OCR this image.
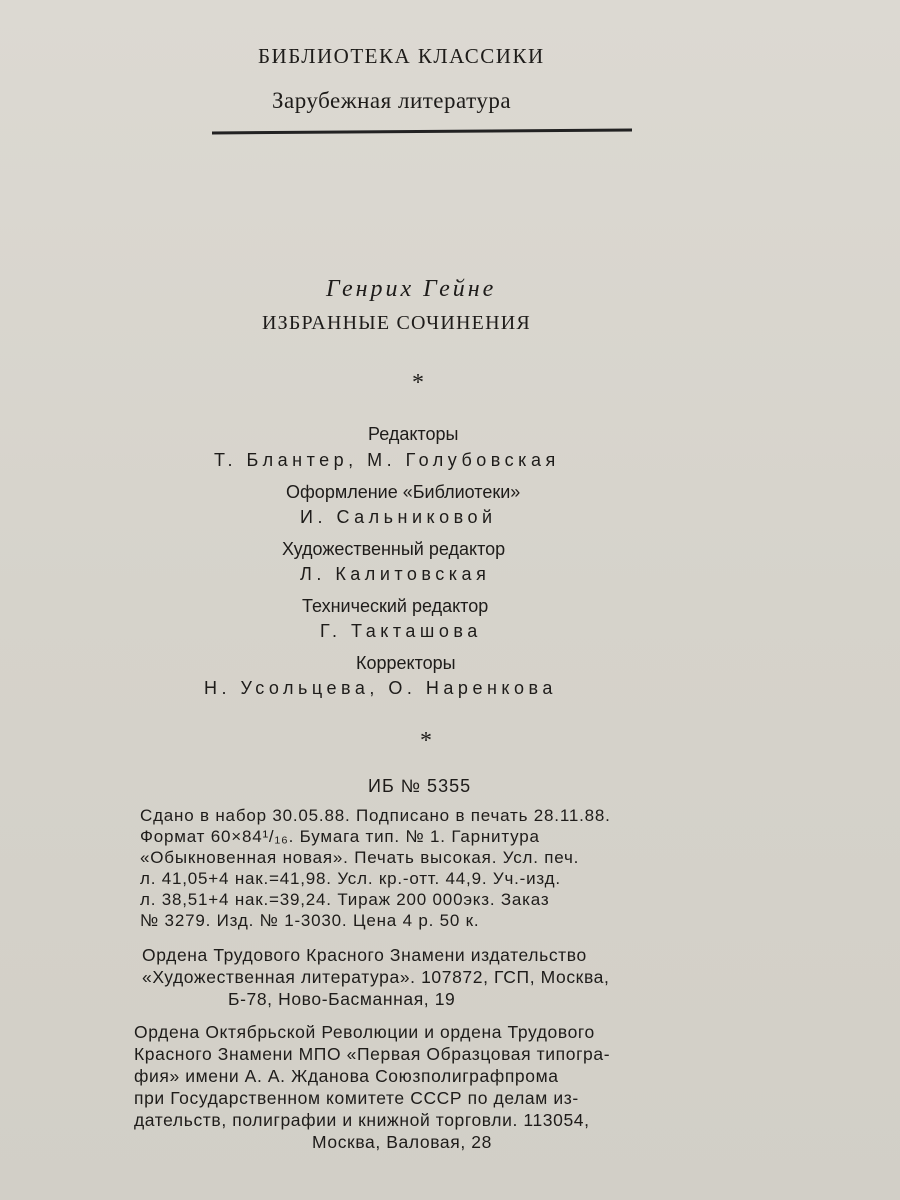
БИБЛИОТЕКА КЛАССИКИ
Зарубежная литература
Генрих Гейне
ИЗБРАННЫЕ СОЧИНЕНИЯ
*
Редакторы
Т. Блантер, М. Голубовская
Оформление «Библиотеки»
И. Сальниковой
Художественный редактор
Л. Калитовская
Технический редактор
Г. Такташова
Корректоры
Н. Усольцева, О. Наренкова
*
ИБ № 5355
Сдано в набор 30.05.88. Подписано в печать 28.11.88.
Формат 60×84¹/₁₆. Бумага тип. № 1. Гарнитура
«Обыкновенная новая». Печать высокая. Усл. печ.
л. 41,05+4 нак.=41,98. Усл. кр.-отт. 44,9. Уч.-изд.
л. 38,51+4 нак.=39,24. Тираж 200 000экз. Заказ
№ 3279. Изд. № 1-3030. Цена 4 р. 50 к.
Ордена Трудового Красного Знамени издательство
«Художественная литература». 107872, ГСП, Москва,
Б-78, Ново-Басманная, 19
Ордена Октябрьской Революции и ордена Трудового
Красного Знамени МПО «Первая Образцовая типогра-
фия» имени А. А. Жданова Союзполиграфпрома
при Государственном комитете СССР по делам из-
дательств, полиграфии и книжной торговли. 113054,
Москва, Валовая, 28
